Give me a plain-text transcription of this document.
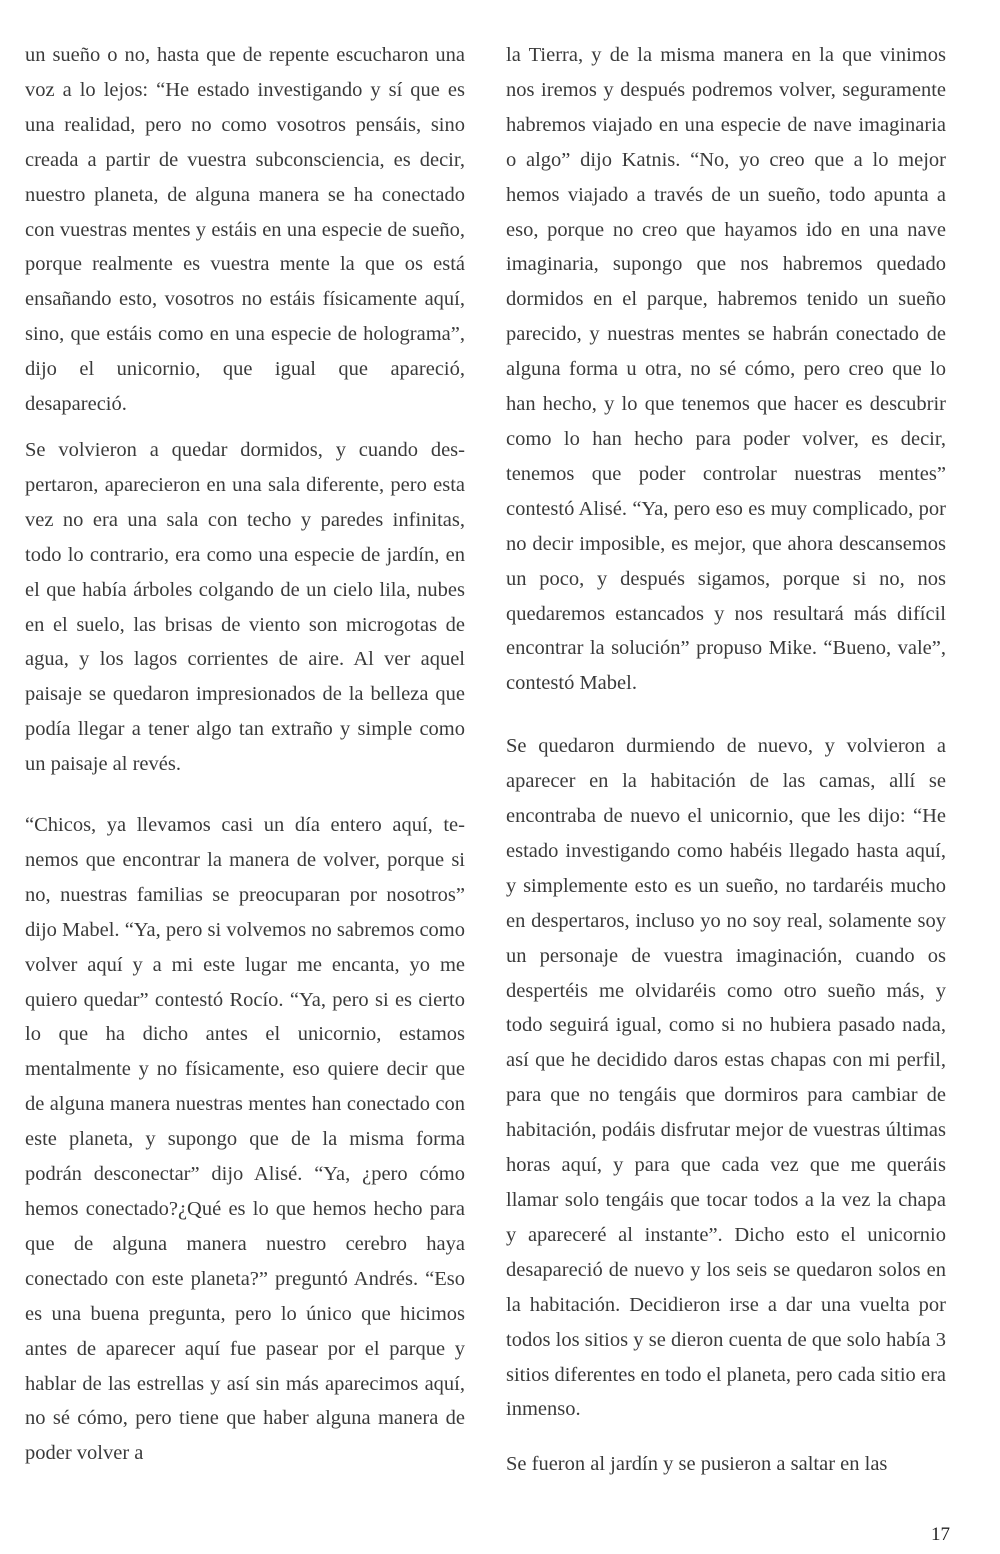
un sueño o no, hasta que de repente escucharon una voz a lo lejos: “He estado investigando y sí que es una realidad, pero no como vosotros pensáis, sino creada a partir de vuestra subconsciencia, es decir, nuestro planeta, de alguna manera se ha conectado con vuestras mentes y estáis en una especie de sueño, porque realmente es vuestra mente la que os está ensañando esto, vosotros no estáis físicamente aquí, sino, que estáis como en una especie de holograma”, dijo el unicornio, que igual que apareció, desapareció.

Se volvieron a quedar dormidos, y cuando despertaron, aparecieron en una sala diferente, pero esta vez no era una sala con techo y paredes infinitas, todo lo contrario, era como una especie de jardín, en el que había árboles colgando de un cielo lila, nubes en el suelo, las brisas de viento son microgotas de agua, y los lagos corrientes de aire. Al ver aquel paisaje se quedaron impresionados de la belleza que podía llegar a tener algo tan extraño y simple como un paisaje al revés.

“Chicos, ya llevamos casi un día entero aquí, tenemos que encontrar la manera de volver, porque si no, nuestras familias se preocuparan por nosotros” dijo Mabel. “Ya, pero si volvemos no sabremos como volver aquí y a mi este lugar me encanta, yo me quiero quedar” contestó Rocío. “Ya, pero si es cierto lo que ha dicho antes el unicornio, estamos mentalmente y no físicamente, eso quiere decir que de alguna manera nuestras mentes han conectado con este planeta, y supongo que de la misma forma podrán desconectar” dijo Alisé. “Ya, ¿pero cómo hemos conectado?¿Qué es lo que hemos hecho para que de alguna manera nuestro cerebro haya conectado con este planeta?” preguntó Andrés. “Eso es una buena pregunta, pero lo único que hicimos antes de aparecer aquí fue pasear por el parque y hablar de las estrellas y así sin más aparecimos aquí, no sé cómo, pero tiene que haber alguna manera de poder volver a

la Tierra, y de la misma manera en la que vinimos nos iremos y después podremos volver, seguramente habremos viajado en una especie de nave imaginaria o algo” dijo Katnis. “No, yo creo que a lo mejor hemos viajado a través de un sueño, todo apunta a eso, porque no creo que hayamos ido en una nave imaginaria, supongo que nos habremos quedado dormidos en el parque, habremos tenido un sueño parecido, y nuestras mentes se habrán conectado de alguna forma u otra, no sé cómo, pero creo que lo han hecho, y lo que tenemos que hacer es descubrir como lo han hecho para poder volver, es decir, tenemos que poder controlar nuestras mentes” contestó Alisé. “Ya, pero eso es muy complicado, por no decir imposible, es mejor, que ahora descansemos un poco, y después sigamos, porque si no, nos quedaremos estancados y nos resultará más difícil encontrar la solución” propuso Mike. “Bueno, vale”, contestó Mabel.

Se quedaron durmiendo de nuevo, y volvieron a aparecer en la habitación de las camas, allí se encontraba de nuevo el unicornio, que les dijo: “He estado investigando como habéis llegado hasta aquí, y simplemente esto es un sueño, no tardaréis mucho en despertaros, incluso yo no soy real, solamente soy un personaje de vuestra imaginación, cuando os despertéis me olvidaréis como otro sueño más, y todo seguirá igual, como si no hubiera pasado nada, así que he decidido daros estas chapas con mi perfil, para que no tengáis que dormiros para cambiar de habitación, podáis disfrutar mejor de vuestras últimas horas aquí, y para que cada vez que me queráis llamar solo tengáis que tocar todos a la vez la chapa y apareceré al instante”. Dicho esto el unicornio desapareció de nuevo y los seis se quedaron solos en la habitación. Decidieron irse a dar una vuelta por todos los sitios y se dieron cuenta de que solo había 3 sitios diferentes en todo el planeta, pero cada sitio era inmenso.

Se fueron al jardín y se pusieron a saltar en las

17
